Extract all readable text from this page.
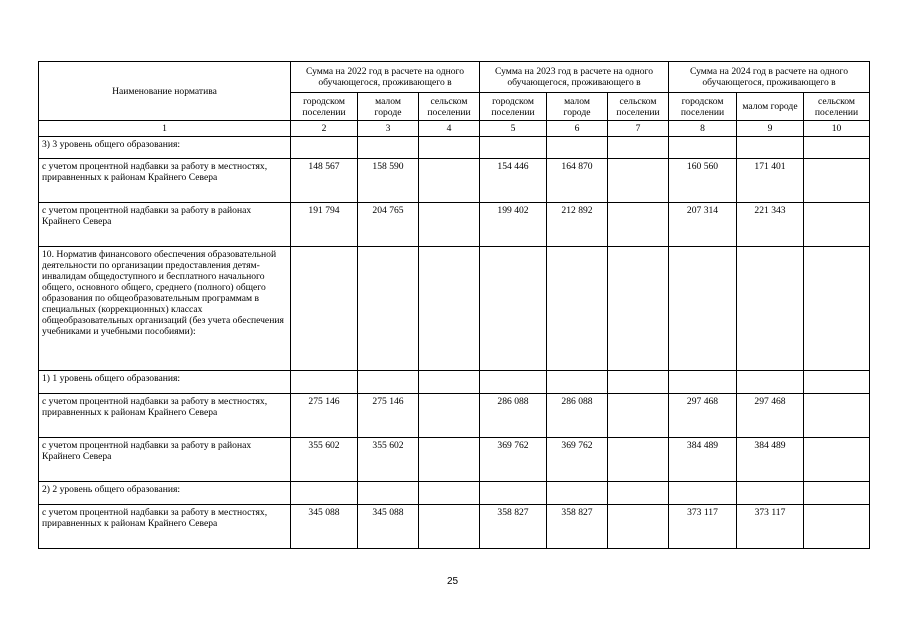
Наименование норматива	Сумма на 2022 год в расчете на одного обучающегося, проживающего в			Сумма на 2023 год в расчете на одного обучающегося, проживающего в			Сумма на 2024 год в расчете на одного обучающегося, проживающего в		
	городском поселении	малом городе	сельском поселении	городском поселении	малом городе	сельском поселении	городском поселении	малом городе	сельском поселении
1	2	3	4	5	6	7	8	9	10
3) 3 уровень общего образования:									
с учетом процентной надбавки за работу в местностях, приравненных к районам Крайнего Севера	148 567	158 590		154 446	164 870		160 560	171 401	
с учетом процентной надбавки за работу в районах Крайнего Севера	191 794	204 765		199 402	212 892		207 314	221 343	
10. Норматив финансового обеспечения образовательной деятельности по организации предоставления детям-инвалидам общедоступного и бесплатного начального общего, основного общего, среднего (полного) общего образования по общеобразовательным программам в специальных (коррекционных) классах общеобразовательных организаций (без учета обеспечения учебниками и учебными пособиями):									
1) 1 уровень общего образования:									
с учетом процентной надбавки за работу в местностях, приравненных к районам Крайнего Севера	275 146	275 146		286 088	286 088		297 468	297 468	
с учетом процентной надбавки за работу в районах Крайнего Севера	355 602	355 602		369 762	369 762		384 489	384 489	
2) 2 уровень общего образования:									
с учетом процентной надбавки за работу в местностях, приравненных к районам Крайнего Севера	345 088	345 088		358 827	358 827		373 117	373 117	
25
